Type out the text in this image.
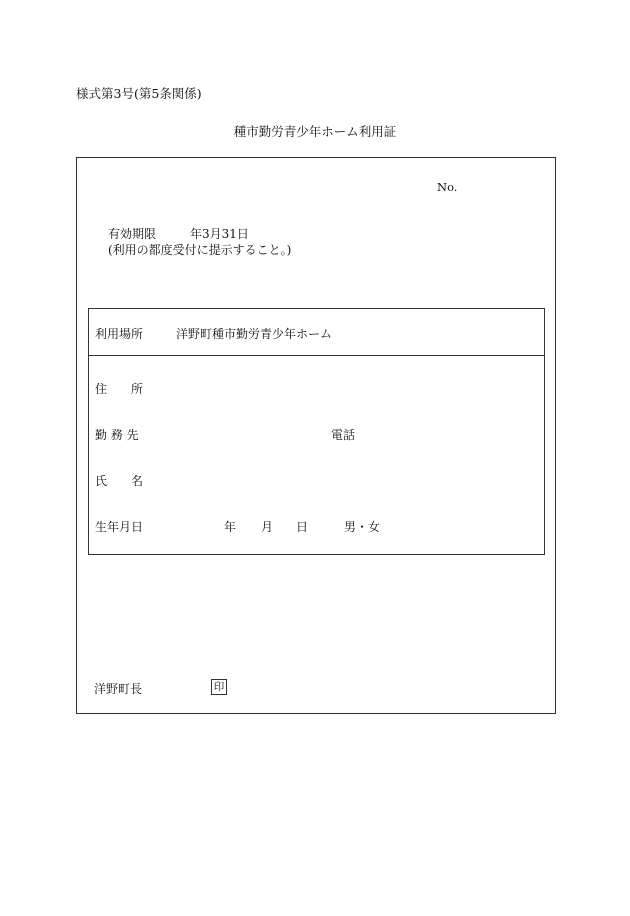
様式第3号(第5条関係)
種市勤労青少年ホーム利用証
No.
有効期限	年3月31日
(利用の都度受付に提示すること。)
利用場所	洋野町種市勤労青少年ホーム
住　　所
勤 務 先	電話
氏　　名
生年月日	年 月 日	男・女
洋野町長	印
